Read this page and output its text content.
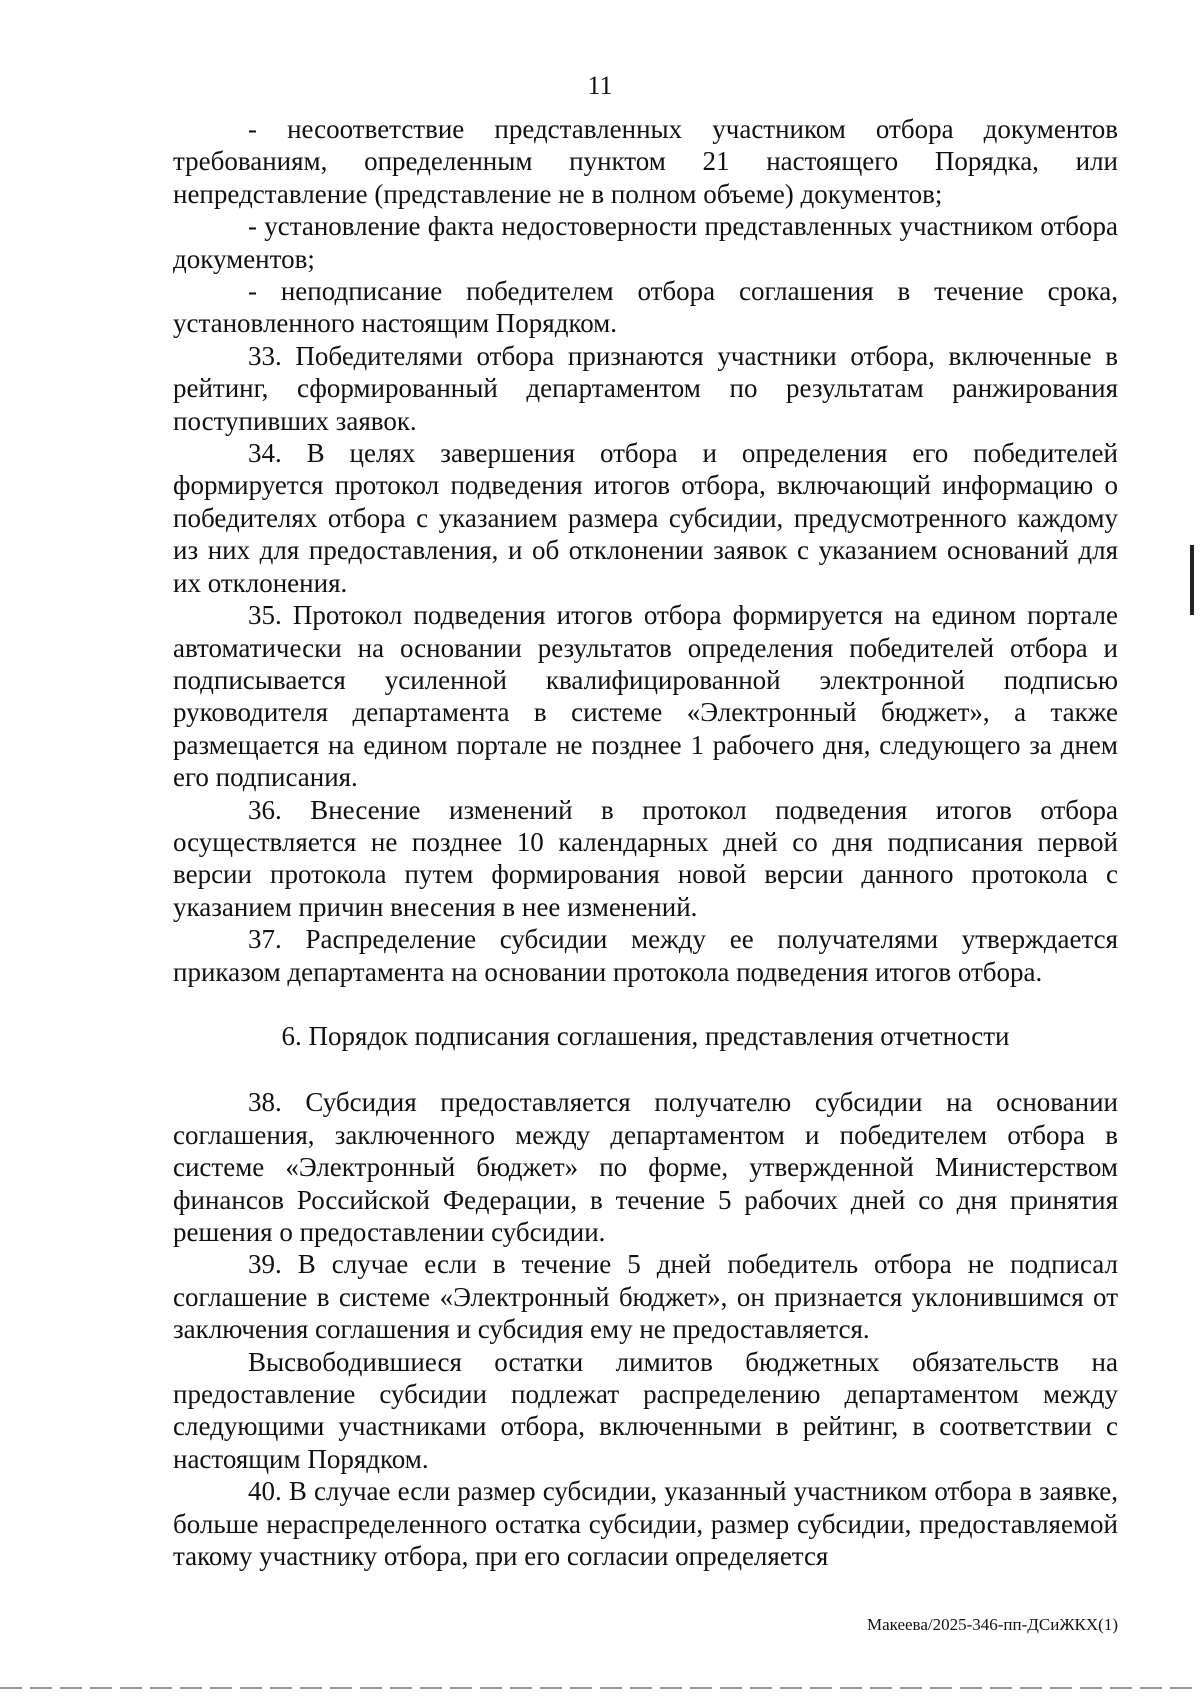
11

- несоответствие представленных участником отбора документов требованиям, определенным пунктом 21 настоящего Порядка, или непредставление (представление не в полном объеме) документов;

- установление факта недостоверности представленных участником отбора документов;

- неподписание победителем отбора соглашения в течение срока, установленного настоящим Порядком.

33. Победителями отбора признаются участники отбора, включенные в рейтинг, сформированный департаментом по результатам ранжирования поступивших заявок.

34. В целях завершения отбора и определения его победителей формируется протокол подведения итогов отбора, включающий информацию о победителях отбора с указанием размера субсидии, предусмотренного каждому из них для предоставления, и об отклонении заявок с указанием оснований для их отклонения.

35. Протокол подведения итогов отбора формируется на едином портале автоматически на основании результатов определения победителей отбора и подписывается усиленной квалифицированной электронной подписью руководителя департамента в системе «Электронный бюджет», а также размещается на едином портале не позднее 1 рабочего дня, следующего за днем его подписания.

36. Внесение изменений в протокол подведения итогов отбора осуществляется не позднее 10 календарных дней со дня подписания первой версии протокола путем формирования новой версии данного протокола с указанием причин внесения в нее изменений.

37. Распределение субсидии между ее получателями утверждается приказом департамента на основании протокола подведения итогов отбора.

6. Порядок подписания соглашения, представления отчетности

38. Субсидия предоставляется получателю субсидии на основании соглашения, заключенного между департаментом и победителем отбора в системе «Электронный бюджет» по форме, утвержденной Министерством финансов Российской Федерации, в течение 5 рабочих дней со дня принятия решения о предоставлении субсидии.

39. В случае если в течение 5 дней победитель отбора не подписал соглашение в системе «Электронный бюджет», он признается уклонившимся от заключения соглашения и субсидия ему не предоставляется.

Высвободившиеся остатки лимитов бюджетных обязательств на предоставление субсидии подлежат распределению департаментом между следующими участниками отбора, включенными в рейтинг, в соответствии с настоящим Порядком.

40. В случае если размер субсидии, указанный участником отбора в заявке, больше нераспределенного остатка субсидии, размер субсидии, предоставляемой такому участнику отбора, при его согласии определяется

Макеева/2025-346-пп-ДСиЖКХ(1)
